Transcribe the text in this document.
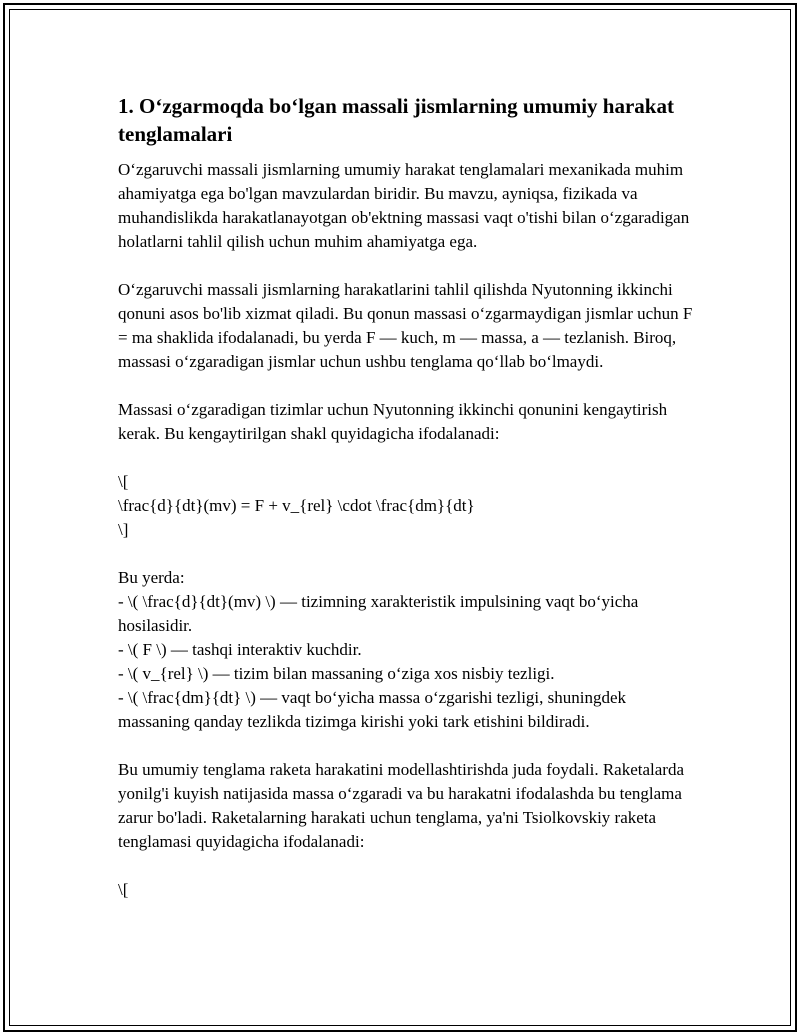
1. O‘zgarmoqda bo‘lgan massali jismlarning umumiy harakat tenglamalari

O‘zgaruvchi massali jismlarning umumiy harakat tenglamalari mexanikada muhim ahamiyatga ega bo'lgan mavzulardan biridir. Bu mavzu, ayniqsa, fizikada va muhandislikda harakatlanayotgan ob'ektning massasi vaqt o'tishi bilan o‘zgaradigan holatlarni tahlil qilish uchun muhim ahamiyatga ega.

O‘zgaruvchi massali jismlarning harakatlarini tahlil qilishda Nyutonning ikkinchi qonuni asos bo'lib xizmat qiladi. Bu qonun massasi o‘zgarmaydigan jismlar uchun F = ma shaklida ifodalanadi, bu yerda F — kuch, m — massa, a — tezlanish. Biroq, massasi o‘zgaradigan jismlar uchun ushbu tenglama qo‘llab bo‘lmaydi.

Massasi o‘zgaradigan tizimlar uchun Nyutonning ikkinchi qonunini kengaytirish kerak. Bu kengaytirilgan shakl quyidagicha ifodalanadi:

\[
\frac{d}{dt}(mv) = F + v_{rel} \cdot \frac{dm}{dt}
\]
Bu yerda:
- \( \frac{d}{dt}(mv) \) — tizimning xarakteristik impulsining vaqt bo‘yicha hosilasidir.
- \( F \) — tashqi interaktiv kuchdir.
- \( v_{rel} \) — tizim bilan massaning o‘ziga xos nisbiy tezligi.
- \( \frac{dm}{dt} \) — vaqt bo‘yicha massa o‘zgarishi tezligi, shuningdek massaning qanday tezlikda tizimga kirishi yoki tark etishini bildiradi.

Bu umumiy tenglama raketa harakatini modellashtirishda juda foydali. Raketalarda yonilg'i kuyish natijasida massa o‘zgaradi va bu harakatni ifodalashda bu tenglama zarur bo'ladi. Raketalarning harakati uchun tenglama, ya'ni Tsiolkovskiy raketa tenglamasi quyidagicha ifodalanadi:

\[
